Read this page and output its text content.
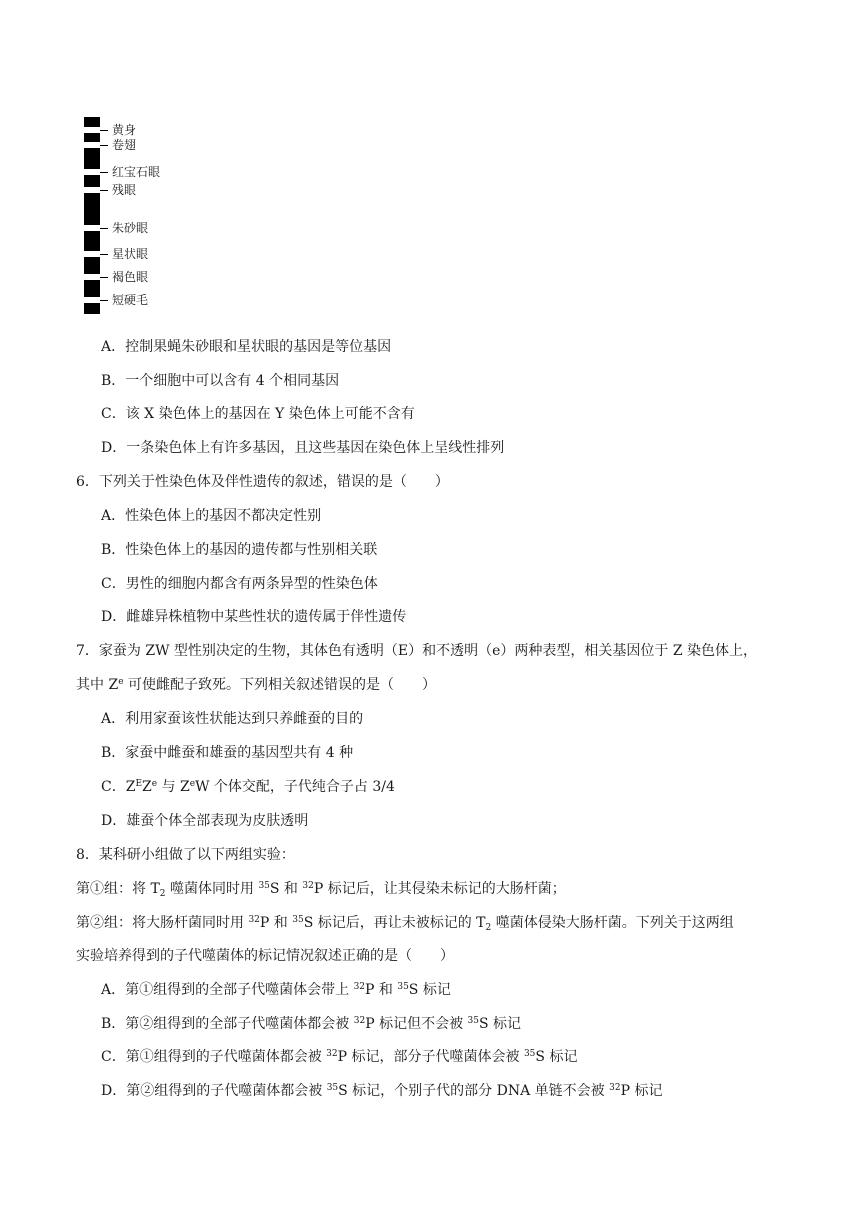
黄身
卷翅
红宝石眼
残眼
朱砂眼
星状眼
褐色眼
短硬毛
A．控制果蝇朱砂眼和星状眼的基因是等位基因
B．一个细胞中可以含有 4 个相同基因
C．该 X 染色体上的基因在 Y 染色体上可能不含有
D．一条染色体上有许多基因，且这些基因在染色体上呈线性排列
6．下列关于性染色体及伴性遗传的叙述，错误的是（　　）
A．性染色体上的基因不都决定性别
B．性染色体上的基因的遗传都与性别相关联
C．男性的细胞内都含有两条异型的性染色体
D．雌雄异株植物中某些性状的遗传属于伴性遗传
7．家蚕为 ZW 型性别决定的生物，其体色有透明（E）和不透明（e）两种表型，相关基因位于 Z 染色体上，
其中 $Z^e$ 可使雌配子致死。下列相关叙述错误的是（　　）
A．利用家蚕该性状能达到只养雌蚕的目的
B．家蚕中雌蚕和雄蚕的基因型共有 4 种
C．$Z^EZ^e$ 与 $Z^eW$ 个体交配，子代纯合子占 3/4
D．雄蚕个体全部表现为皮肤透明
8．某科研小组做了以下两组实验：
第①组：将 $T_2$ 噬菌体同时用 $^{35}$S 和 $^{32}$P 标记后，让其侵染未标记的大肠杆菌；
第②组：将大肠杆菌同时用 $^{32}$P 和 $^{35}$S 标记后，再让未被标记的 $T_2$ 噬菌体侵染大肠杆菌。下列关于这两组
实验培养得到的子代噬菌体的标记情况叙述正确的是（　　）
A．第①组得到的全部子代噬菌体会带上 $^{32}$P 和 $^{35}$S 标记
B．第②组得到的全部子代噬菌体都会被 $^{32}$P 标记但不会被 $^{35}$S 标记
C．第①组得到的子代噬菌体都会被 $^{32}$P 标记，部分子代噬菌体会被 $^{35}$S 标记
D．第②组得到的子代噬菌体都会被 $^{35}$S 标记，个别子代的部分 DNA 单链不会被 $^{32}$P 标记
